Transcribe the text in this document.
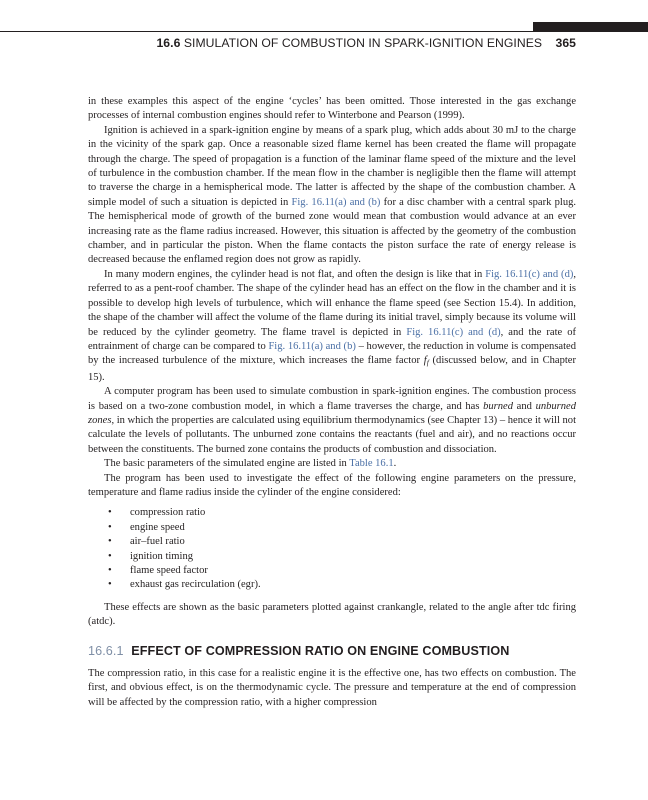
16.6 SIMULATION OF COMBUSTION IN SPARK-IGNITION ENGINES 365

in these examples this aspect of the engine ‘cycles’ has been omitted. Those interested in the gas exchange processes of internal combustion engines should refer to Winterbone and Pearson (1999).

Ignition is achieved in a spark-ignition engine by means of a spark plug, which adds about 30 mJ to the charge in the vicinity of the spark gap. Once a reasonable sized flame kernel has been created the flame will propagate through the charge. The speed of propagation is a function of the laminar flame speed of the mixture and the level of turbulence in the combustion chamber. If the mean flow in the chamber is negligible then the flame will attempt to traverse the charge in a hemispherical mode. The latter is affected by the shape of the combustion chamber. A simple model of such a situation is depicted in Fig. 16.11(a) and (b) for a disc chamber with a central spark plug. The hemispherical mode of growth of the burned zone would mean that combustion would advance at an ever increasing rate as the flame radius increased. However, this situation is affected by the geometry of the combustion chamber, and in particular the piston. When the flame contacts the piston surface the rate of energy release is decreased because the enflamed region does not grow as rapidly.

In many modern engines, the cylinder head is not flat, and often the design is like that in Fig. 16.11(c) and (d), referred to as a pent-roof chamber. The shape of the cylinder head has an effect on the flow in the chamber and it is possible to develop high levels of turbulence, which will enhance the flame speed (see Section 15.4). In addition, the shape of the chamber will affect the volume of the flame during its initial travel, simply because its volume will be reduced by the cylinder geometry. The flame travel is depicted in Fig. 16.11(c) and (d), and the rate of entrainment of charge can be compared to Fig. 16.11(a) and (b) – however, the reduction in volume is compensated by the increased turbulence of the mixture, which increases the flame factor $f_f$ (discussed below, and in Chapter 15).

A computer program has been used to simulate combustion in spark-ignition engines. The combustion process is based on a two-zone combustion model, in which a flame traverses the charge, and has burned and unburned zones, in which the properties are calculated using equilibrium thermodynamics (see Chapter 13) – hence it will not calculate the levels of pollutants. The unburned zone contains the reactants (fuel and air), and no reactions occur between the constituents. The burned zone contains the products of combustion and dissociation.

The basic parameters of the simulated engine are listed in Table 16.1.

The program has been used to investigate the effect of the following engine parameters on the pressure, temperature and flame radius inside the cylinder of the engine considered:

• compression ratio
• engine speed
• air–fuel ratio
• ignition timing
• flame speed factor
• exhaust gas recirculation (egr).

These effects are shown as the basic parameters plotted against crankangle, related to the angle after tdc firing (atdc).

16.6.1 EFFECT OF COMPRESSION RATIO ON ENGINE COMBUSTION

The compression ratio, in this case for a realistic engine it is the effective one, has two effects on combustion. The first, and obvious effect, is on the thermodynamic cycle. The pressure and temperature at the end of compression will be affected by the compression ratio, with a higher compression
